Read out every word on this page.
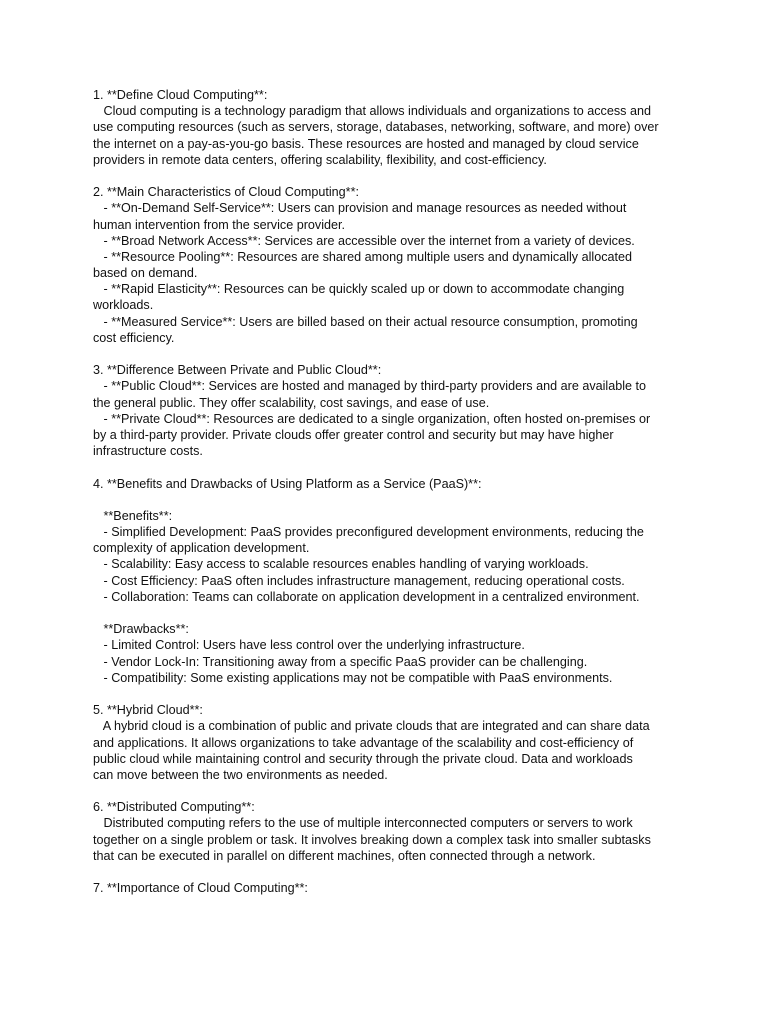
1. **Define Cloud Computing**:
Cloud computing is a technology paradigm that allows individuals and organizations to access and
use computing resources (such as servers, storage, databases, networking, software, and more) over
the internet on a pay-as-you-go basis. These resources are hosted and managed by cloud service
providers in remote data centers, offering scalability, flexibility, and cost-efficiency.
2. **Main Characteristics of Cloud Computing**:
- **On-Demand Self-Service**: Users can provision and manage resources as needed without
human intervention from the service provider.
- **Broad Network Access**: Services are accessible over the internet from a variety of devices.
- **Resource Pooling**: Resources are shared among multiple users and dynamically allocated
based on demand.
- **Rapid Elasticity**: Resources can be quickly scaled up or down to accommodate changing
workloads.
- **Measured Service**: Users are billed based on their actual resource consumption, promoting
cost efficiency.
3. **Difference Between Private and Public Cloud**:
- **Public Cloud**: Services are hosted and managed by third-party providers and are available to
the general public. They offer scalability, cost savings, and ease of use.
- **Private Cloud**: Resources are dedicated to a single organization, often hosted on-premises or
by a third-party provider. Private clouds offer greater control and security but may have higher
infrastructure costs.
4. **Benefits and Drawbacks of Using Platform as a Service (PaaS)**:
**Benefits**:
- Simplified Development: PaaS provides preconfigured development environments, reducing the
complexity of application development.
- Scalability: Easy access to scalable resources enables handling of varying workloads.
- Cost Efficiency: PaaS often includes infrastructure management, reducing operational costs.
- Collaboration: Teams can collaborate on application development in a centralized environment.
**Drawbacks**:
- Limited Control: Users have less control over the underlying infrastructure.
- Vendor Lock-In: Transitioning away from a specific PaaS provider can be challenging.
- Compatibility: Some existing applications may not be compatible with PaaS environments.
5. **Hybrid Cloud**:
A hybrid cloud is a combination of public and private clouds that are integrated and can share data
and applications. It allows organizations to take advantage of the scalability and cost-efficiency of
public cloud while maintaining control and security through the private cloud. Data and workloads
can move between the two environments as needed.
6. **Distributed Computing**:
Distributed computing refers to the use of multiple interconnected computers or servers to work
together on a single problem or task. It involves breaking down a complex task into smaller subtasks
that can be executed in parallel on different machines, often connected through a network.
7. **Importance of Cloud Computing**:
